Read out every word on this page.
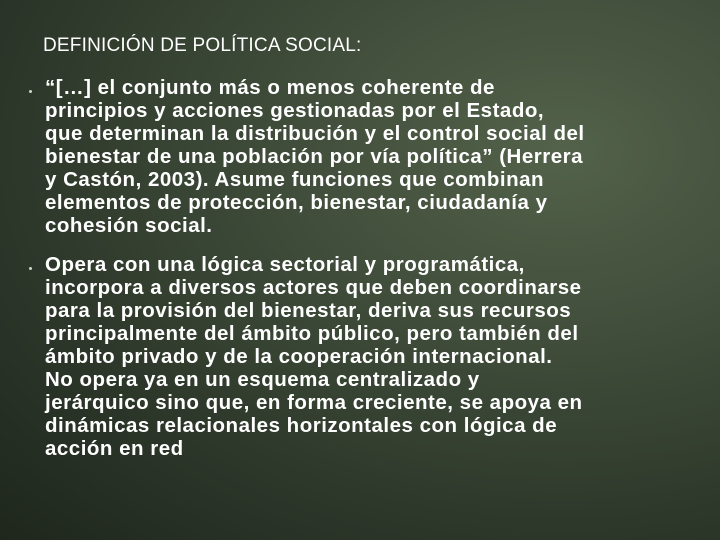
DEFINICIÓN DE POLÍTICA SOCIAL:
“[…] el conjunto más o menos coherente de
principios y acciones gestionadas por el Estado,
que determinan la distribución y el control social del
bienestar de una población por vía política” (Herrera
y Castón, 2003). Asume funciones que combinan
elementos de protección, bienestar, ciudadanía y
cohesión social.
Opera con una lógica sectorial y programática,
incorpora a diversos actores que deben coordinarse
para la provisión del bienestar, deriva sus recursos
principalmente del ámbito público, pero también del
ámbito privado y de la cooperación internacional.
No opera ya en un esquema centralizado y
jerárquico sino que, en forma creciente, se apoya en
dinámicas relacionales horizontales con lógica de
acción en red
